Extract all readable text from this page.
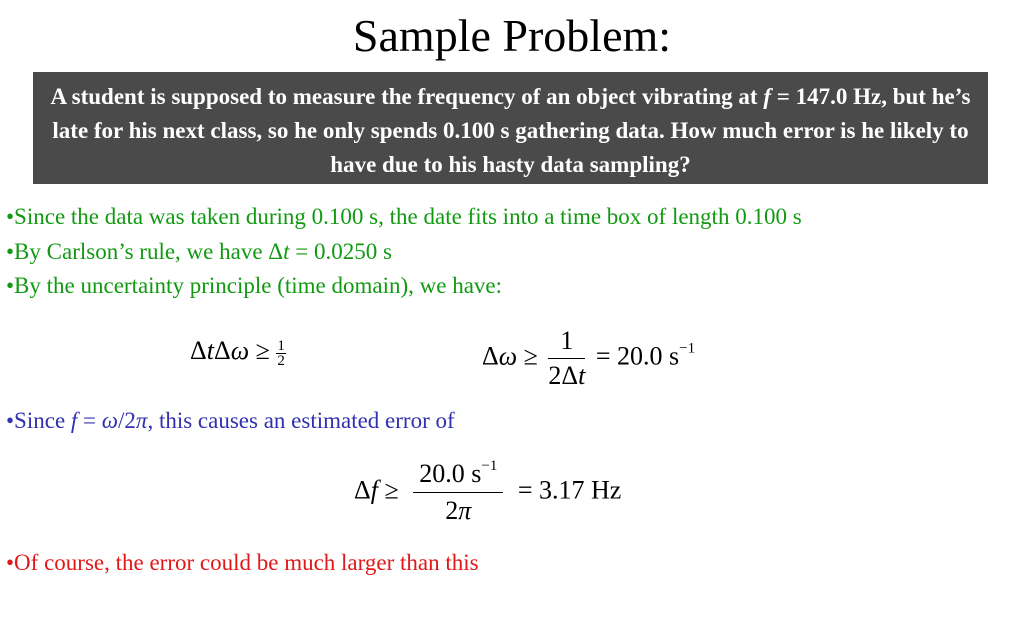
Sample Problem:
A student is supposed to measure the frequency of an object vibrating at f = 147.0 Hz, but he’s late for his next class, so he only spends 0.100 s gathering data. How much error is he likely to have due to his hasty data sampling?
•Since the data was taken during 0.100 s, the date fits into a time box of length 0.100 s
•By Carlson’s rule, we have Δt = 0.0250 s
•By the uncertainty principle (time domain), we have:
$\Delta t\Delta\omega \ge \frac{1}{2}$	$\Delta\omega \ge \frac{1}{2\Delta t} = 20.0$ $s^{-1}$
•Since f = ω/2π, this causes an estimated error of
$\Delta f \ge \frac{20.0 s^{-1}}{2\pi} = 3.17$ Hz
•Of course, the error could be much larger than this
